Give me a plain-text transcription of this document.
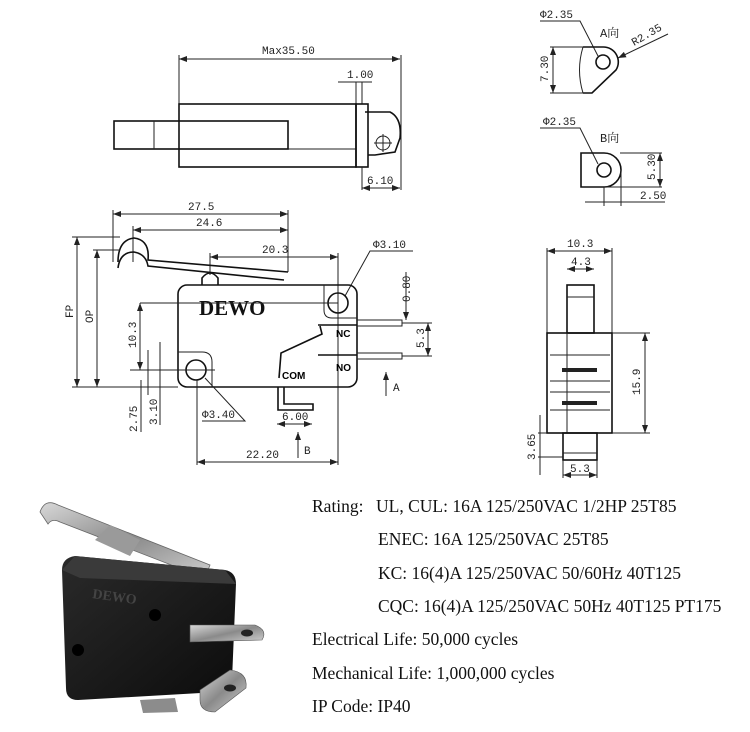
Max35.50
1.00
6.10
Φ2.35
A向 R2.35
7.30
Φ2.35
B向
5.30
2.50
27.5
24.6
20.3	Φ3.10
DEWO
NC
NO
COM
FP OP
10.3
2.75 3.10	Φ3.40	6.00
B
22.20
0.80
5.3
A
10.3
4.3
15.9
3.65
5.3
DEWO
Rating: UL, CUL: 16A 125/250VAC 1/2HP 25T85
ENEC: 16A 125/250VAC 25T85
KC: 16(4)A 125/250VAC 50/60Hz 40T125
CQC: 16(4)A 125/250VAC 50Hz 40T125 PT175
Electrical Life: 50,000 cycles
Mechanical Life: 1,000,000 cycles
IP Code: IP40
